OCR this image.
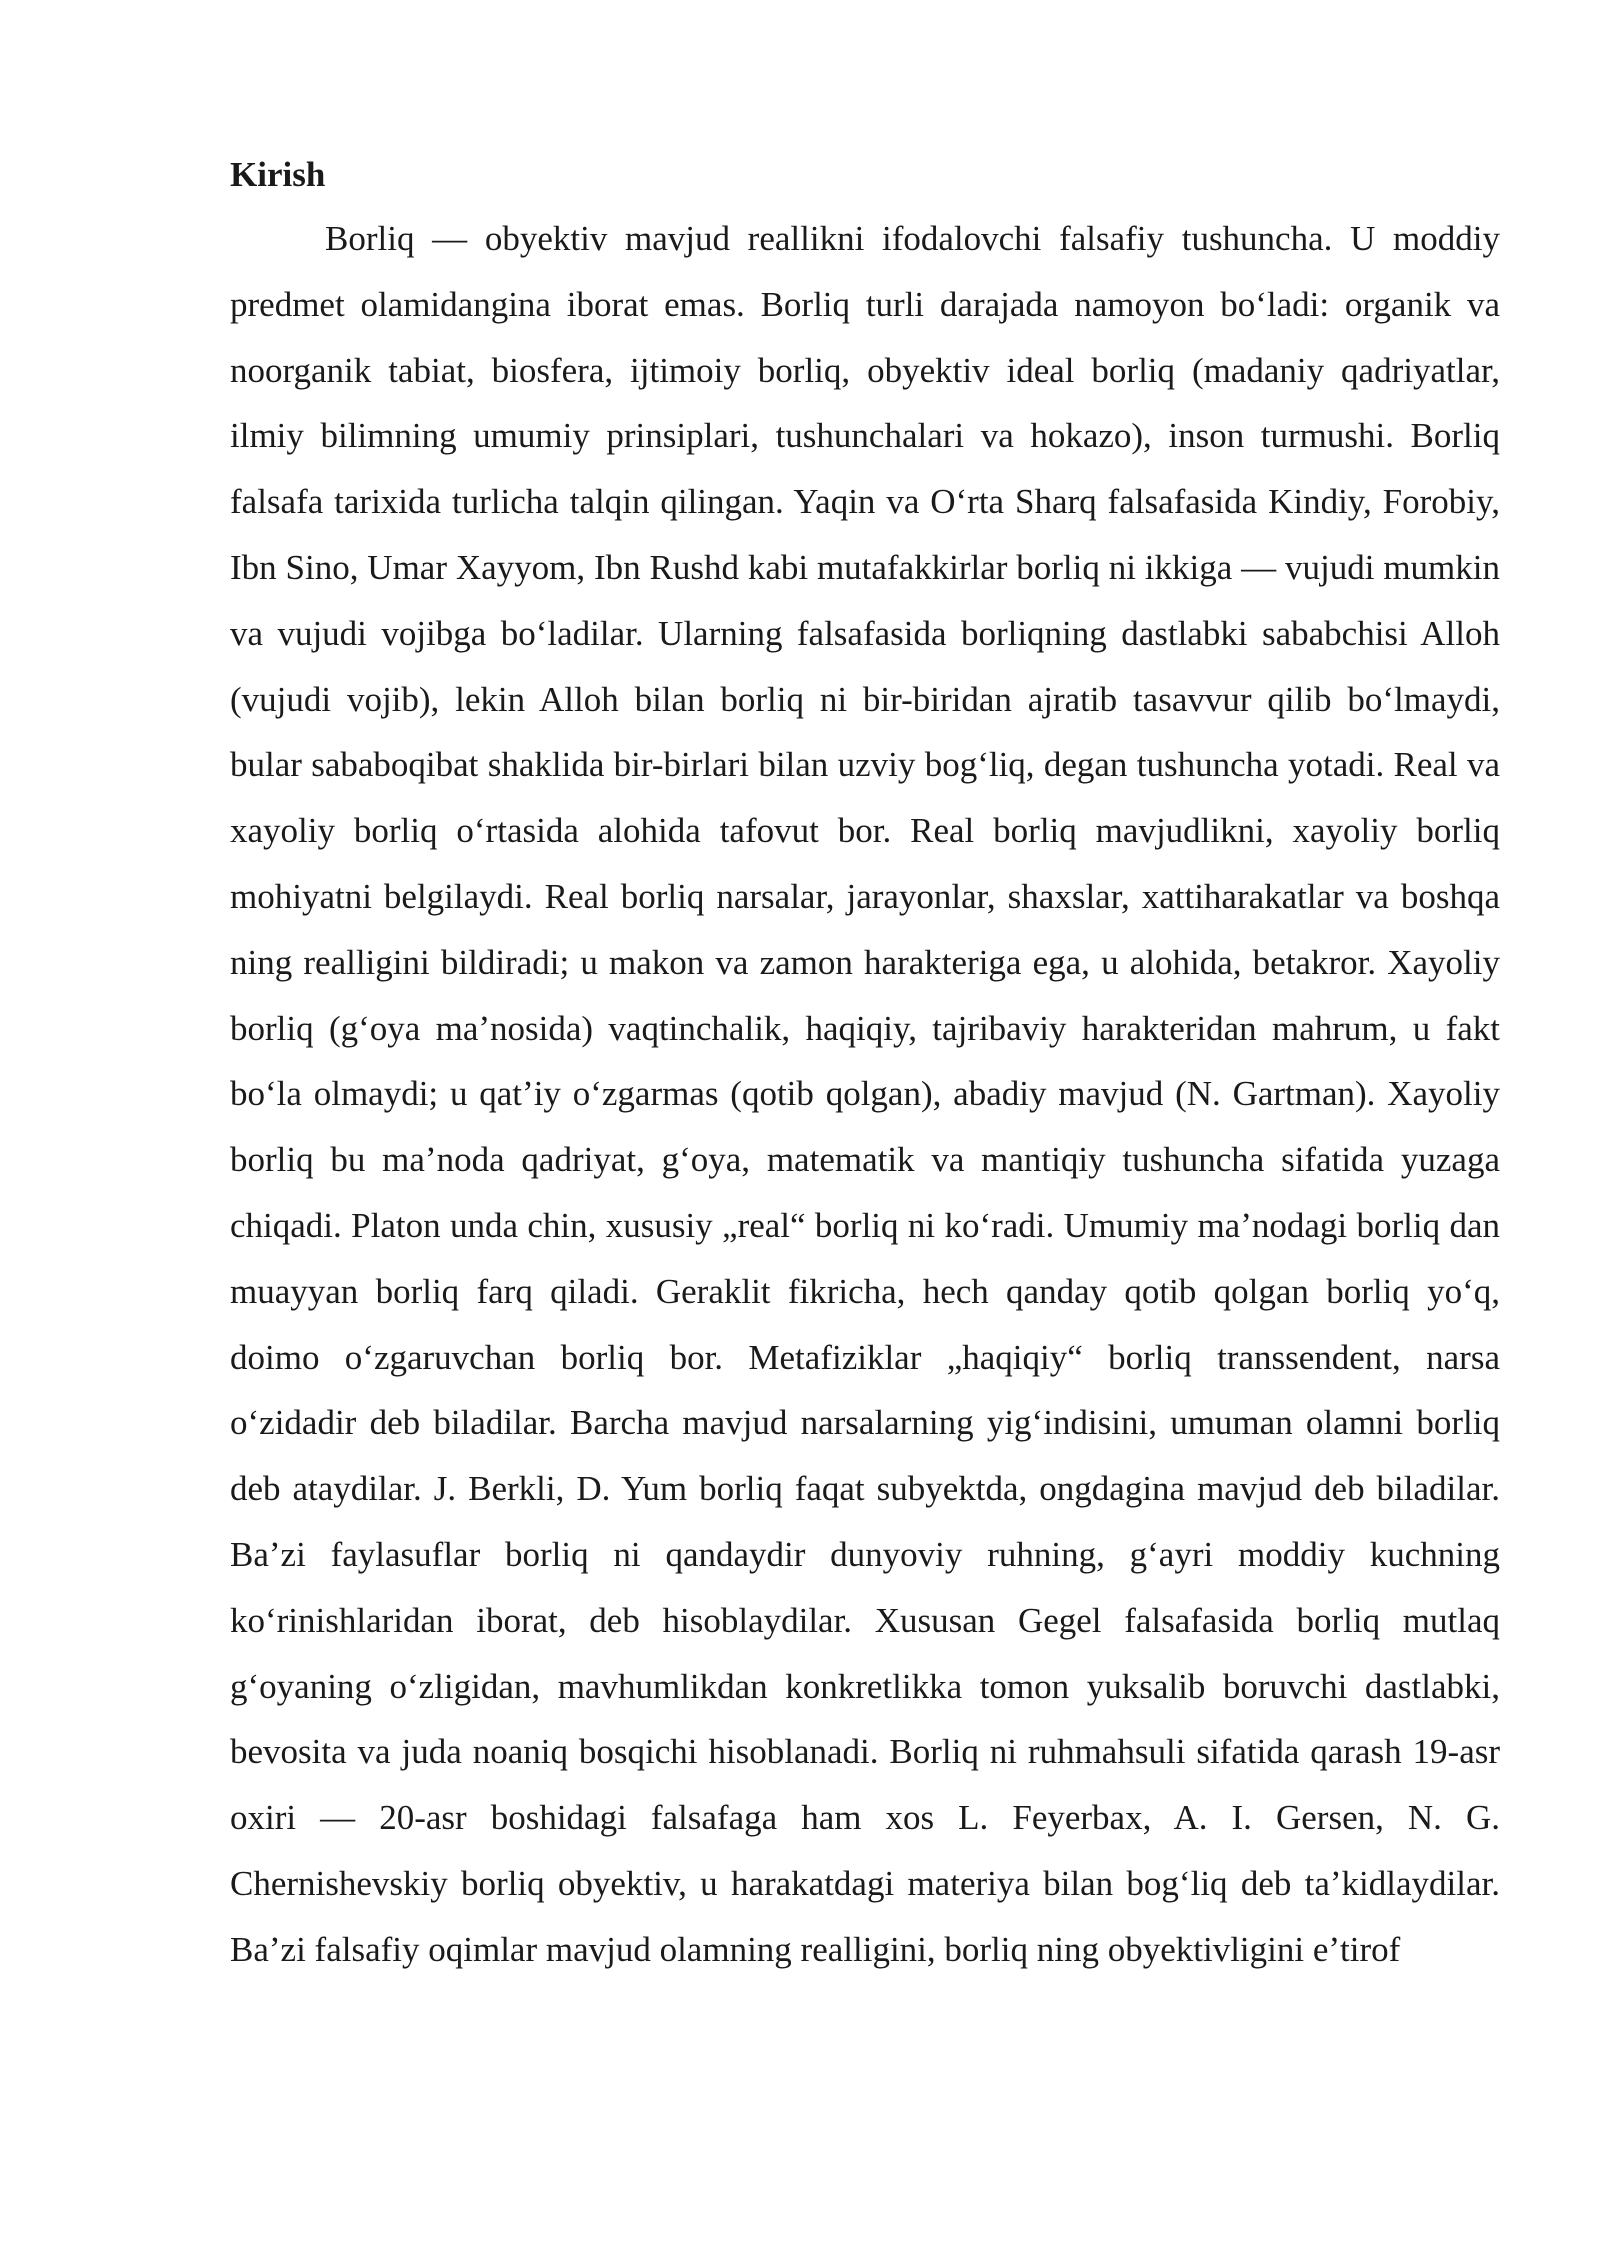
Kirish

Borliq — obyektiv mavjud reallikni ifodalovchi falsafiy tushuncha. U moddiy predmet olamidangina iborat emas. Borliq turli darajada namoyon boʻladi: organik va noorganik tabiat, biosfera, ijtimoiy borliq, obyektiv ideal borliq (madaniy qadriyatlar, ilmiy bilimning umumiy prinsiplari, tushunchalari va hokazo), inson turmushi. Borliq falsafa tarixida turlicha talqin qilingan. Yaqin va Oʻrta Sharq falsafasida Kindiy, Forobiy, Ibn Sino, Umar Xayyom, Ibn Rushd kabi mutafakkirlar borliq ni ikkiga — vujudi mumkin va vujudi vojibga boʻladilar. Ularning falsafasida borliqning dastlabki sababchisi Alloh (vujudi vojib), lekin Alloh bilan borliq ni bir-biridan ajratib tasavvur qilib boʻlmaydi, bular sababoqibat shaklida bir-birlari bilan uzviy bogʻliq, degan tushuncha yotadi. Real va xayoliy borliq oʻrtasida alohida tafovut bor. Real borliq mavjudlikni, xayoliy borliq mohiyatni belgilaydi. Real borliq narsalar, jarayonlar, shaxslar, xattiharakatlar va boshqa ning realligini bildiradi; u makon va zamon harakteriga ega, u alohida, betakror. Xayoliy borliq (gʻoya maʼnosida) vaqtinchalik, haqiqiy, tajribaviy harakteridan mahrum, u fakt boʻla olmaydi; u qatʼiy oʻzgarmas (qotib qolgan), abadiy mavjud (N. Gartman). Xayoliy borliq bu maʼnoda qadriyat, gʻoya, matematik va mantiqiy tushuncha sifatida yuzaga chiqadi. Platon unda chin, xususiy „real“ borliq ni koʻradi. Umumiy maʼnodagi borliq dan muayyan borliq farq qiladi. Geraklit fikricha, hech qanday qotib qolgan borliq yoʻq, doimo oʻzgaruvchan borliq bor. Metafiziklar „haqiqiy“ borliq transsendent, narsa oʻzidadir deb biladilar. Barcha mavjud narsalarning yigʻindisini, umuman olamni borliq deb ataydilar. J. Berkli, D. Yum borliq faqat subyektda, ongdagina mavjud deb biladilar. Baʼzi faylasuflar borliq ni qandaydir dunyoviy ruhning, gʻayri moddiy kuchning koʻrinishlaridan iborat, deb hisoblaydilar. Xususan Gegel falsafasida borliq mutlaq gʻoyaning oʻzligidan, mavhumlikdan konkretlikka tomon yuksalib boruvchi dastlabki, bevosita va juda noaniq bosqichi hisoblanadi. Borliq ni ruhmahsuli sifatida qarash 19-asr oxiri — 20-asr boshidagi falsafaga ham xos L. Feyerbax, A. I. Gersen, N. G. Chernishevskiy borliq obyektiv, u harakatdagi materiya bilan bogʻliq deb taʼkidlaydilar. Baʼzi falsafiy oqimlar mavjud olamning realligini, borliq ning obyektivligini eʼtirof
